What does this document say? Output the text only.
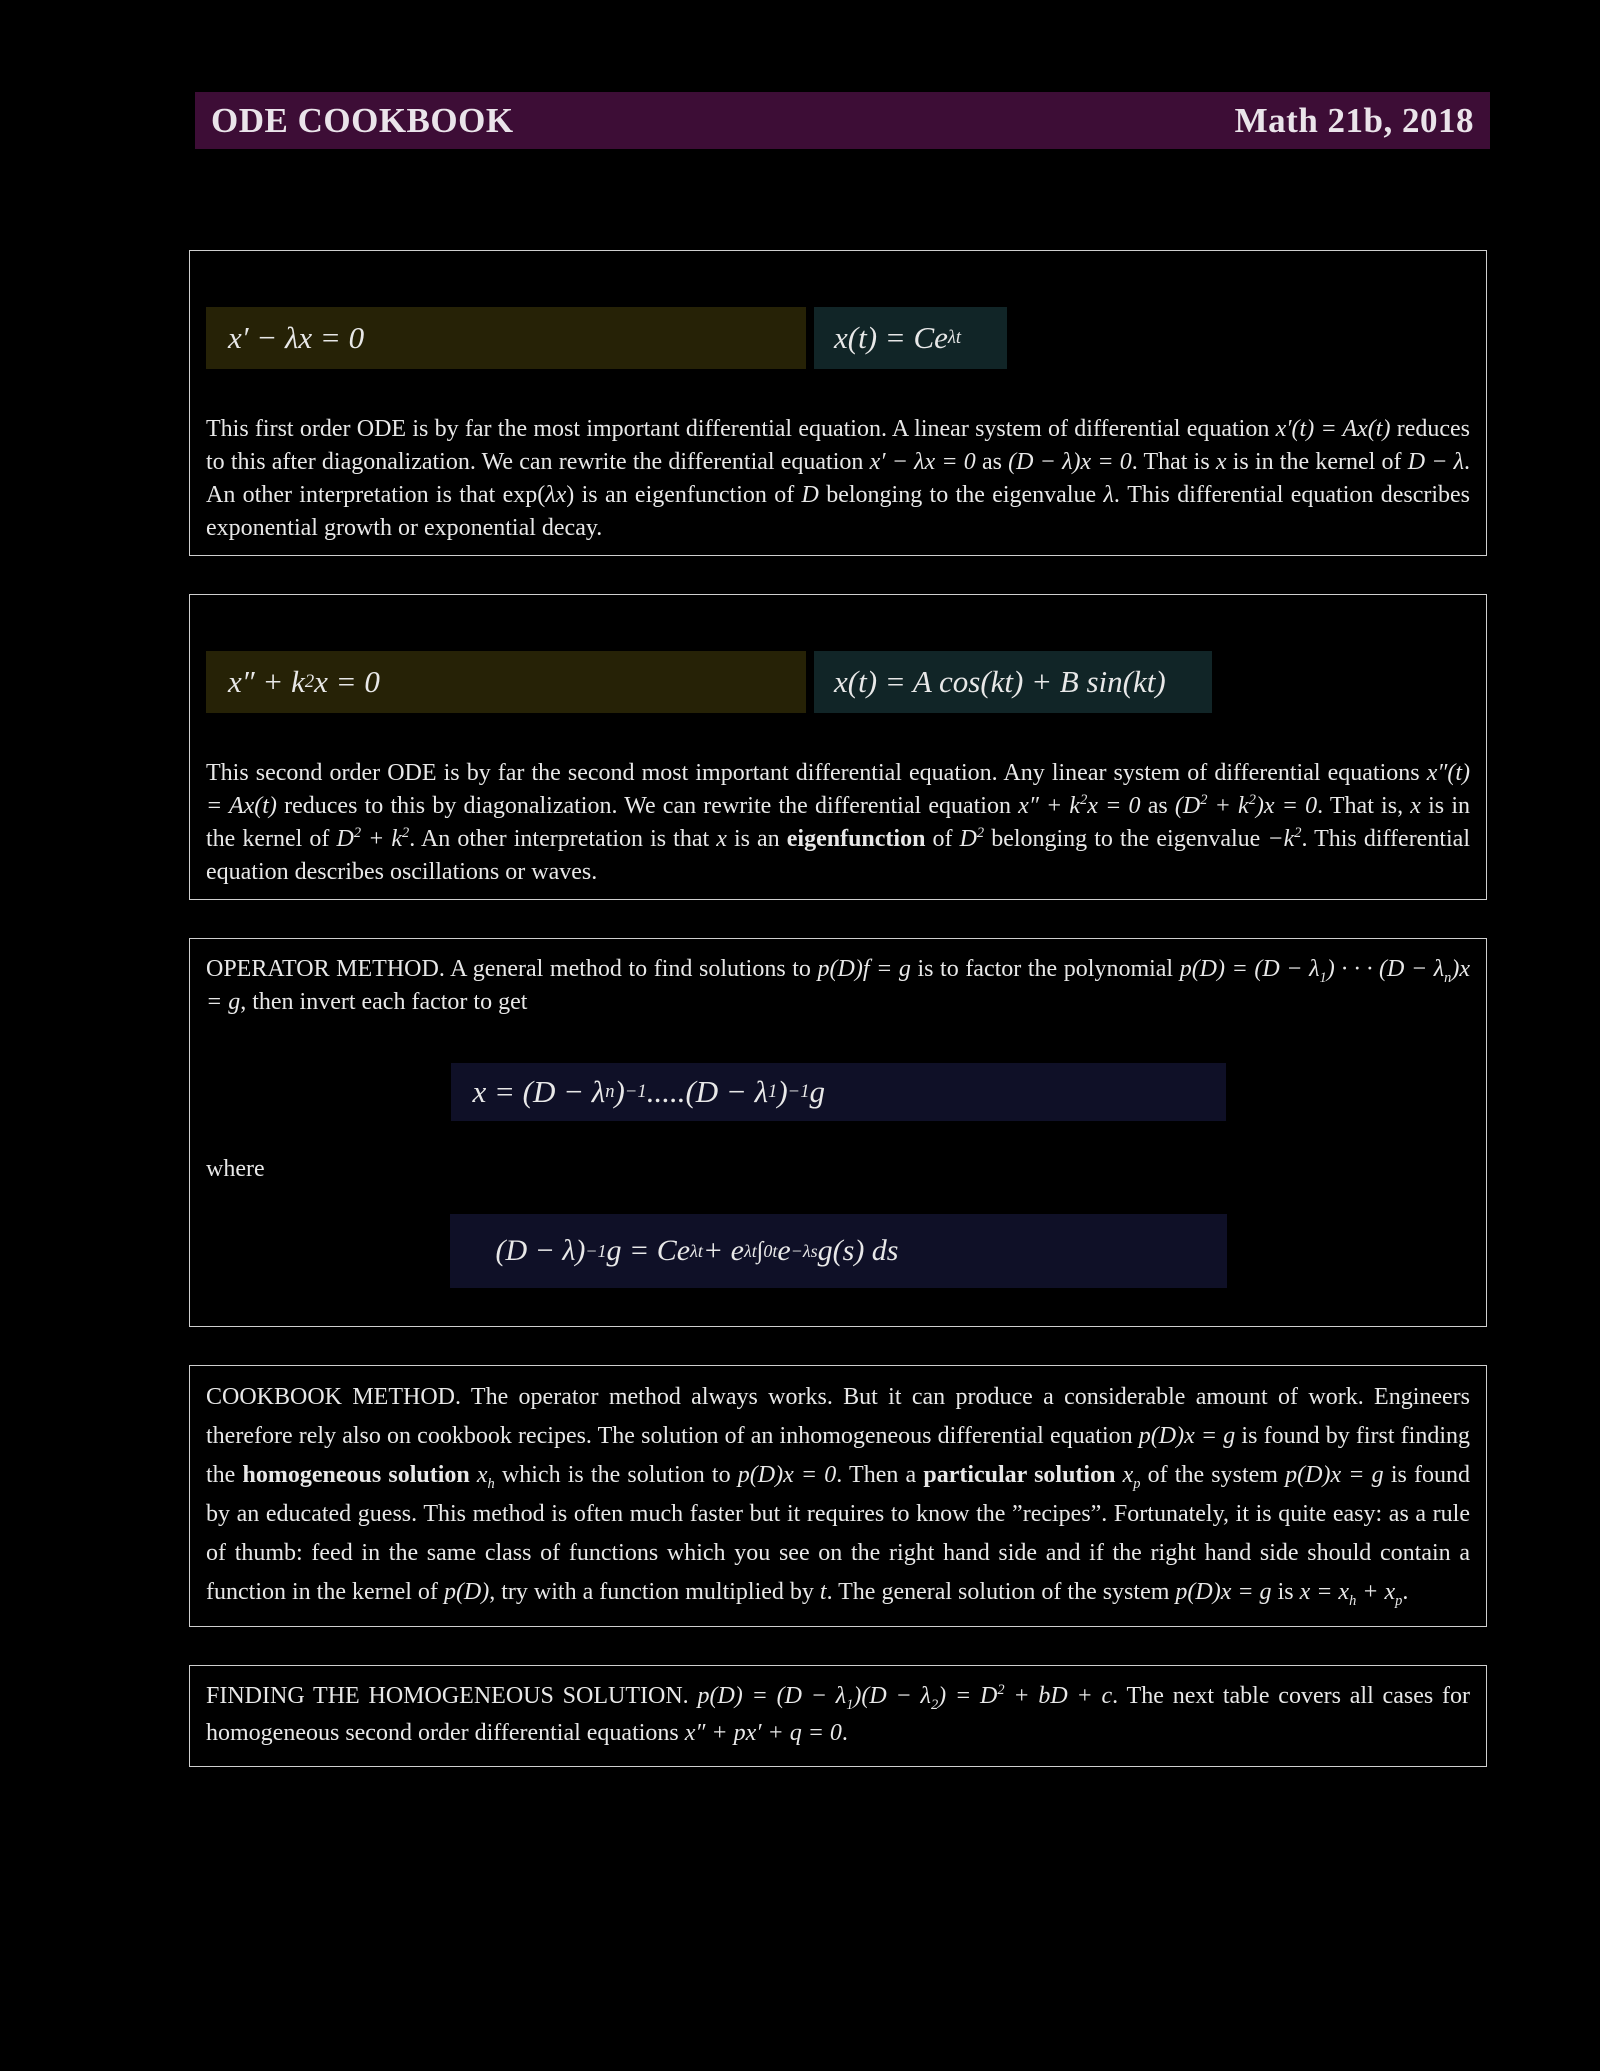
ODE COOKBOOK	Math 21b, 2018
x′ − λx = 0	x(t) = Ce λt

This first order ODE is by far the most important differential equation. A linear system of differential equation x′(t) = Ax(t) reduces to this after diagonalization. We can rewrite the differential equation x′ − λx = 0 as (D − λ)x = 0. That is x is in the kernel of D − λ. An other interpretation is that exp(λx) is an eigenfunction of D belonging to the eigenvalue λ. This differential equation describes exponential growth or exponential decay.

x″ + k 2 x = 0	x(t) = A cos(kt) + B sin(kt)

This second order ODE is by far the second most important differential equation. Any linear system of differential equations x″(t) = Ax(t) reduces to this by diagonalization. We can rewrite the differential equation $x'' + k^2x = 0$ as $(D^2 + k^2)x = 0$. That is, x is in the kernel of $D^2 + k^2$. An other interpretation is that x is an eigenfunction of $D^2$ belonging to the eigenvalue $-k^2$. This differential equation describes oscillations or waves.

OPERATOR METHOD. A general method to find solutions to p(D)f = g is to factor the polynomial $p(D) = (D - \lambda_1)$ · · · $(D - \lambda_n)x = g$, then invert each factor to get

x = (D − λ n ) −1 .....(D − λ 1 ) −1 g

where

(D − λ) −1 g = Ce λt + e λt ∫ 0 t e −λs g(s) ds

COOKBOOK METHOD. The operator method always works. But it can produce a considerable amount of work. Engineers therefore rely also on cookbook recipes. The solution of an inhomogeneous differential equation p(D)x = g is found by first finding the homogeneous solution $x_h$ which is the solution to p(D)x = 0. Then a particular solution $x_p$ of the system p(D)x = g is found by an educated guess. This method is often much faster but it requires to know the ”recipes”. Fortunately, it is quite easy: as a rule of thumb: feed in the same class of functions which you see on the right hand side and if the right hand side should contain a function in the kernel of p(D), try with a function multiplied by t. The general solution of the system p(D)x = g is $x = x_h + x_p$.

FINDING THE HOMOGENEOUS SOLUTION. $p(D) = (D - \lambda_1)(D - \lambda_2) = D^2$ + bD + c. The next table covers all cases for homogeneous second order differential equations x″ + px′ + q = 0.
